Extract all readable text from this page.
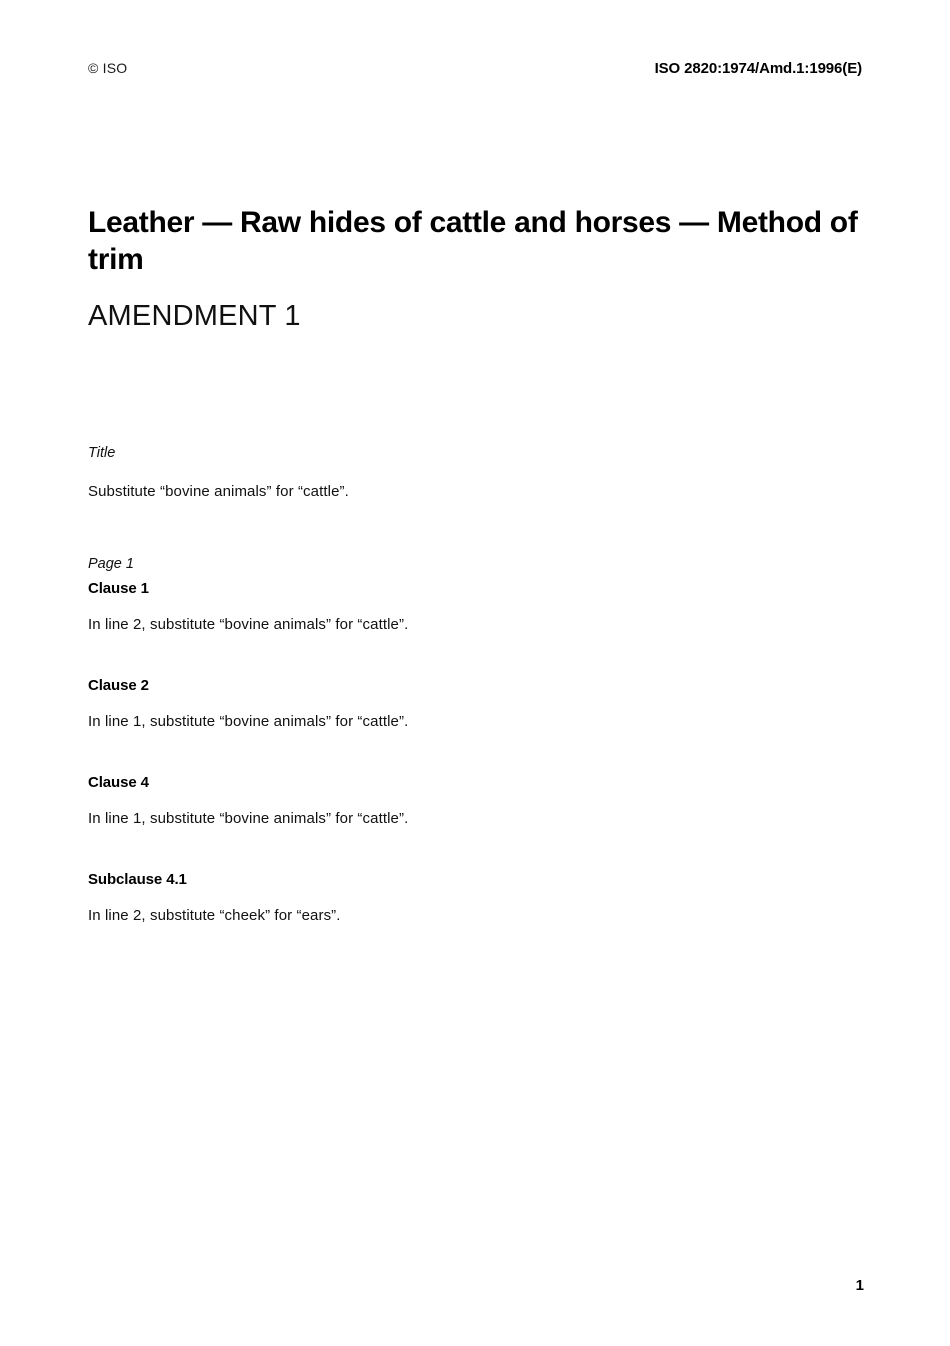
© ISO	ISO 2820:1974/Amd.1:1996(E)
Leather — Raw hides of cattle and horses — Method of trim
AMENDMENT 1

Title

Substitute “bovine animals” for “cattle”.

Page 1

Clause 1

In line 2, substitute “bovine animals” for “cattle”.

Clause 2

In line 1, substitute “bovine animals” for “cattle”.

Clause 4

In line 1, substitute “bovine animals” for “cattle”.

Subclause 4.1

In line 2, substitute “cheek” for “ears”.

1
